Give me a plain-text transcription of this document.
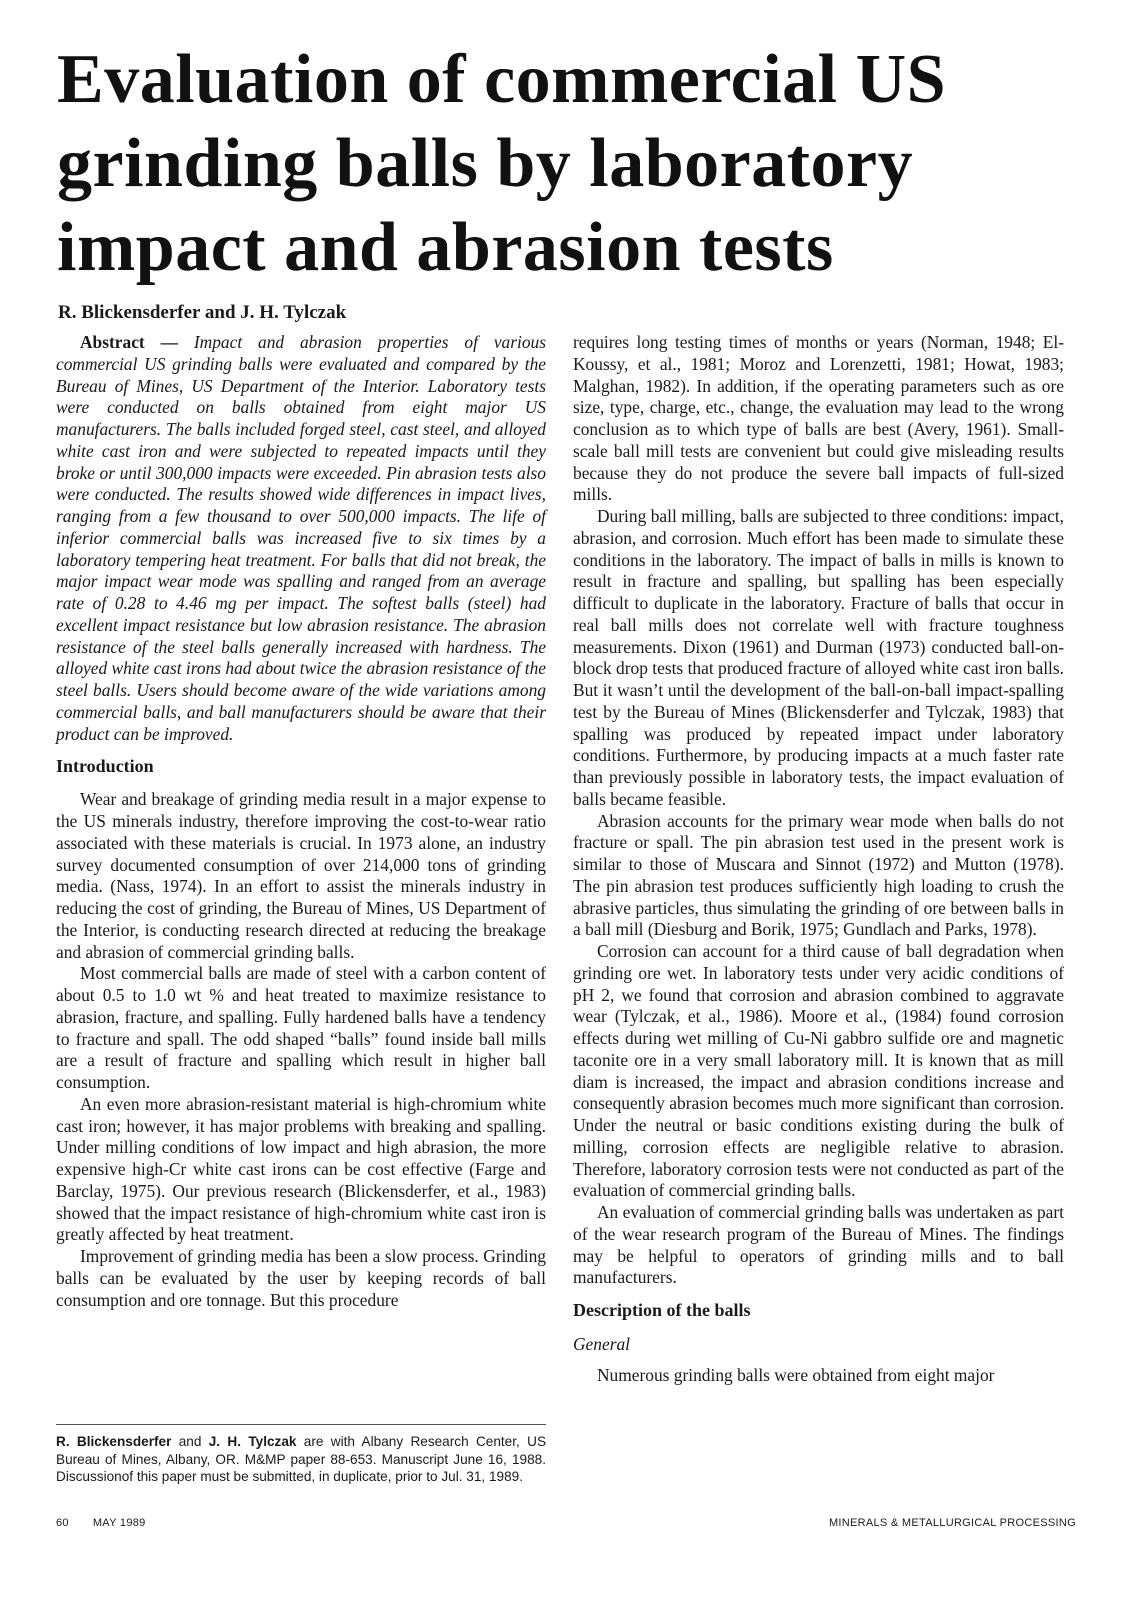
Evaluation of commercial US grinding balls by laboratory impact and abrasion tests

R. Blickensderfer and J. H. Tylczak

Abstract — Impact and abrasion properties of various commercial US grinding balls were evaluated and compared by the Bureau of Mines, US Department of the Interior. Laboratory tests were conducted on balls obtained from eight major US manufacturers. The balls included forged steel, cast steel, and alloyed white cast iron and were subjected to repeated impacts until they broke or until 300,000 impacts were exceeded. Pin abrasion tests also were conducted. The results showed wide differences in impact lives, ranging from a few thousand to over 500,000 impacts. The life of inferior commercial balls was increased five to six times by a laboratory tempering heat treatment. For balls that did not break, the major impact wear mode was spalling and ranged from an average rate of 0.28 to 4.46 mg per impact. The softest balls (steel) had excellent impact resistance but low abrasion resistance. The abrasion resistance of the steel balls generally increased with hardness. The alloyed white cast irons had about twice the abrasion resistance of the steel balls. Users should become aware of the wide variations among commercial balls, and ball manufacturers should be aware that their product can be improved.

Introduction

Wear and breakage of grinding media result in a major expense to the US minerals industry, therefore improving the cost-to-wear ratio associated with these materials is crucial. In 1973 alone, an industry survey documented consumption of over 214,000 tons of grinding media. (Nass, 1974). In an effort to assist the minerals industry in reducing the cost of grinding, the Bureau of Mines, US Department of the Interior, is conducting research directed at reducing the breakage and abrasion of commercial grinding balls.

Most commercial balls are made of steel with a carbon content of about 0.5 to 1.0 wt % and heat treated to maximize resistance to abrasion, fracture, and spalling. Fully hardened balls have a tendency to fracture and spall. The odd shaped “balls” found inside ball mills are a result of fracture and spalling which result in higher ball consumption.

An even more abrasion-resistant material is high-chromium white cast iron; however, it has major problems with breaking and spalling. Under milling conditions of low impact and high abrasion, the more expensive high-Cr white cast irons can be cost effective (Farge and Barclay, 1975). Our previous research (Blickensderfer, et al., 1983) showed that the impact resistance of high-chromium white cast iron is greatly affected by heat treatment.

Improvement of grinding media has been a slow process. Grinding balls can be evaluated by the user by keeping records of ball consumption and ore tonnage. But this procedure

requires long testing times of months or years (Norman, 1948; El-Koussy, et al., 1981; Moroz and Lorenzetti, 1981; Howat, 1983; Malghan, 1982). In addition, if the operating parameters such as ore size, type, charge, etc., change, the evaluation may lead to the wrong conclusion as to which type of balls are best (Avery, 1961). Small-scale ball mill tests are convenient but could give misleading results because they do not produce the severe ball impacts of full-sized mills.

During ball milling, balls are subjected to three conditions: impact, abrasion, and corrosion. Much effort has been made to simulate these conditions in the laboratory. The impact of balls in mills is known to result in fracture and spalling, but spalling has been especially difficult to duplicate in the laboratory. Fracture of balls that occur in real ball mills does not correlate well with fracture toughness measurements. Dixon (1961) and Durman (1973) conducted ball-on-block drop tests that produced fracture of alloyed white cast iron balls. But it wasn’t until the development of the ball-on-ball impact-spalling test by the Bureau of Mines (Blickensderfer and Tylczak, 1983) that spalling was produced by repeated impact under laboratory conditions. Furthermore, by producing impacts at a much faster rate than previously possible in laboratory tests, the impact evaluation of balls became feasible.

Abrasion accounts for the primary wear mode when balls do not fracture or spall. The pin abrasion test used in the present work is similar to those of Muscara and Sinnot (1972) and Mutton (1978). The pin abrasion test produces sufficiently high loading to crush the abrasive particles, thus simulating the grinding of ore between balls in a ball mill (Diesburg and Borik, 1975; Gundlach and Parks, 1978).

Corrosion can account for a third cause of ball degradation when grinding ore wet. In laboratory tests under very acidic conditions of pH 2, we found that corrosion and abrasion combined to aggravate wear (Tylczak, et al., 1986). Moore et al., (1984) found corrosion effects during wet milling of Cu-Ni gabbro sulfide ore and magnetic taconite ore in a very small laboratory mill. It is known that as mill diam is increased, the impact and abrasion conditions increase and consequently abrasion becomes much more significant than corrosion. Under the neutral or basic conditions existing during the bulk of milling, corrosion effects are negligible relative to abrasion. Therefore, laboratory corrosion tests were not conducted as part of the evaluation of commercial grinding balls.

An evaluation of commercial grinding balls was undertaken as part of the wear research program of the Bureau of Mines. The findings may be helpful to operators of grinding mills and to ball manufacturers.

Description of the balls
General

Numerous grinding balls were obtained from eight major

R. Blickensderfer and J. H. Tylczak are with Albany Research Center, US Bureau of Mines, Albany, OR. M&MP paper 88-653. Manuscript June 16, 1988. Discussionof this paper must be submitted, in duplicate, prior to Jul. 31, 1989.
60 MAY 1989	MINERALS & METALLURGICAL PROCESSING
